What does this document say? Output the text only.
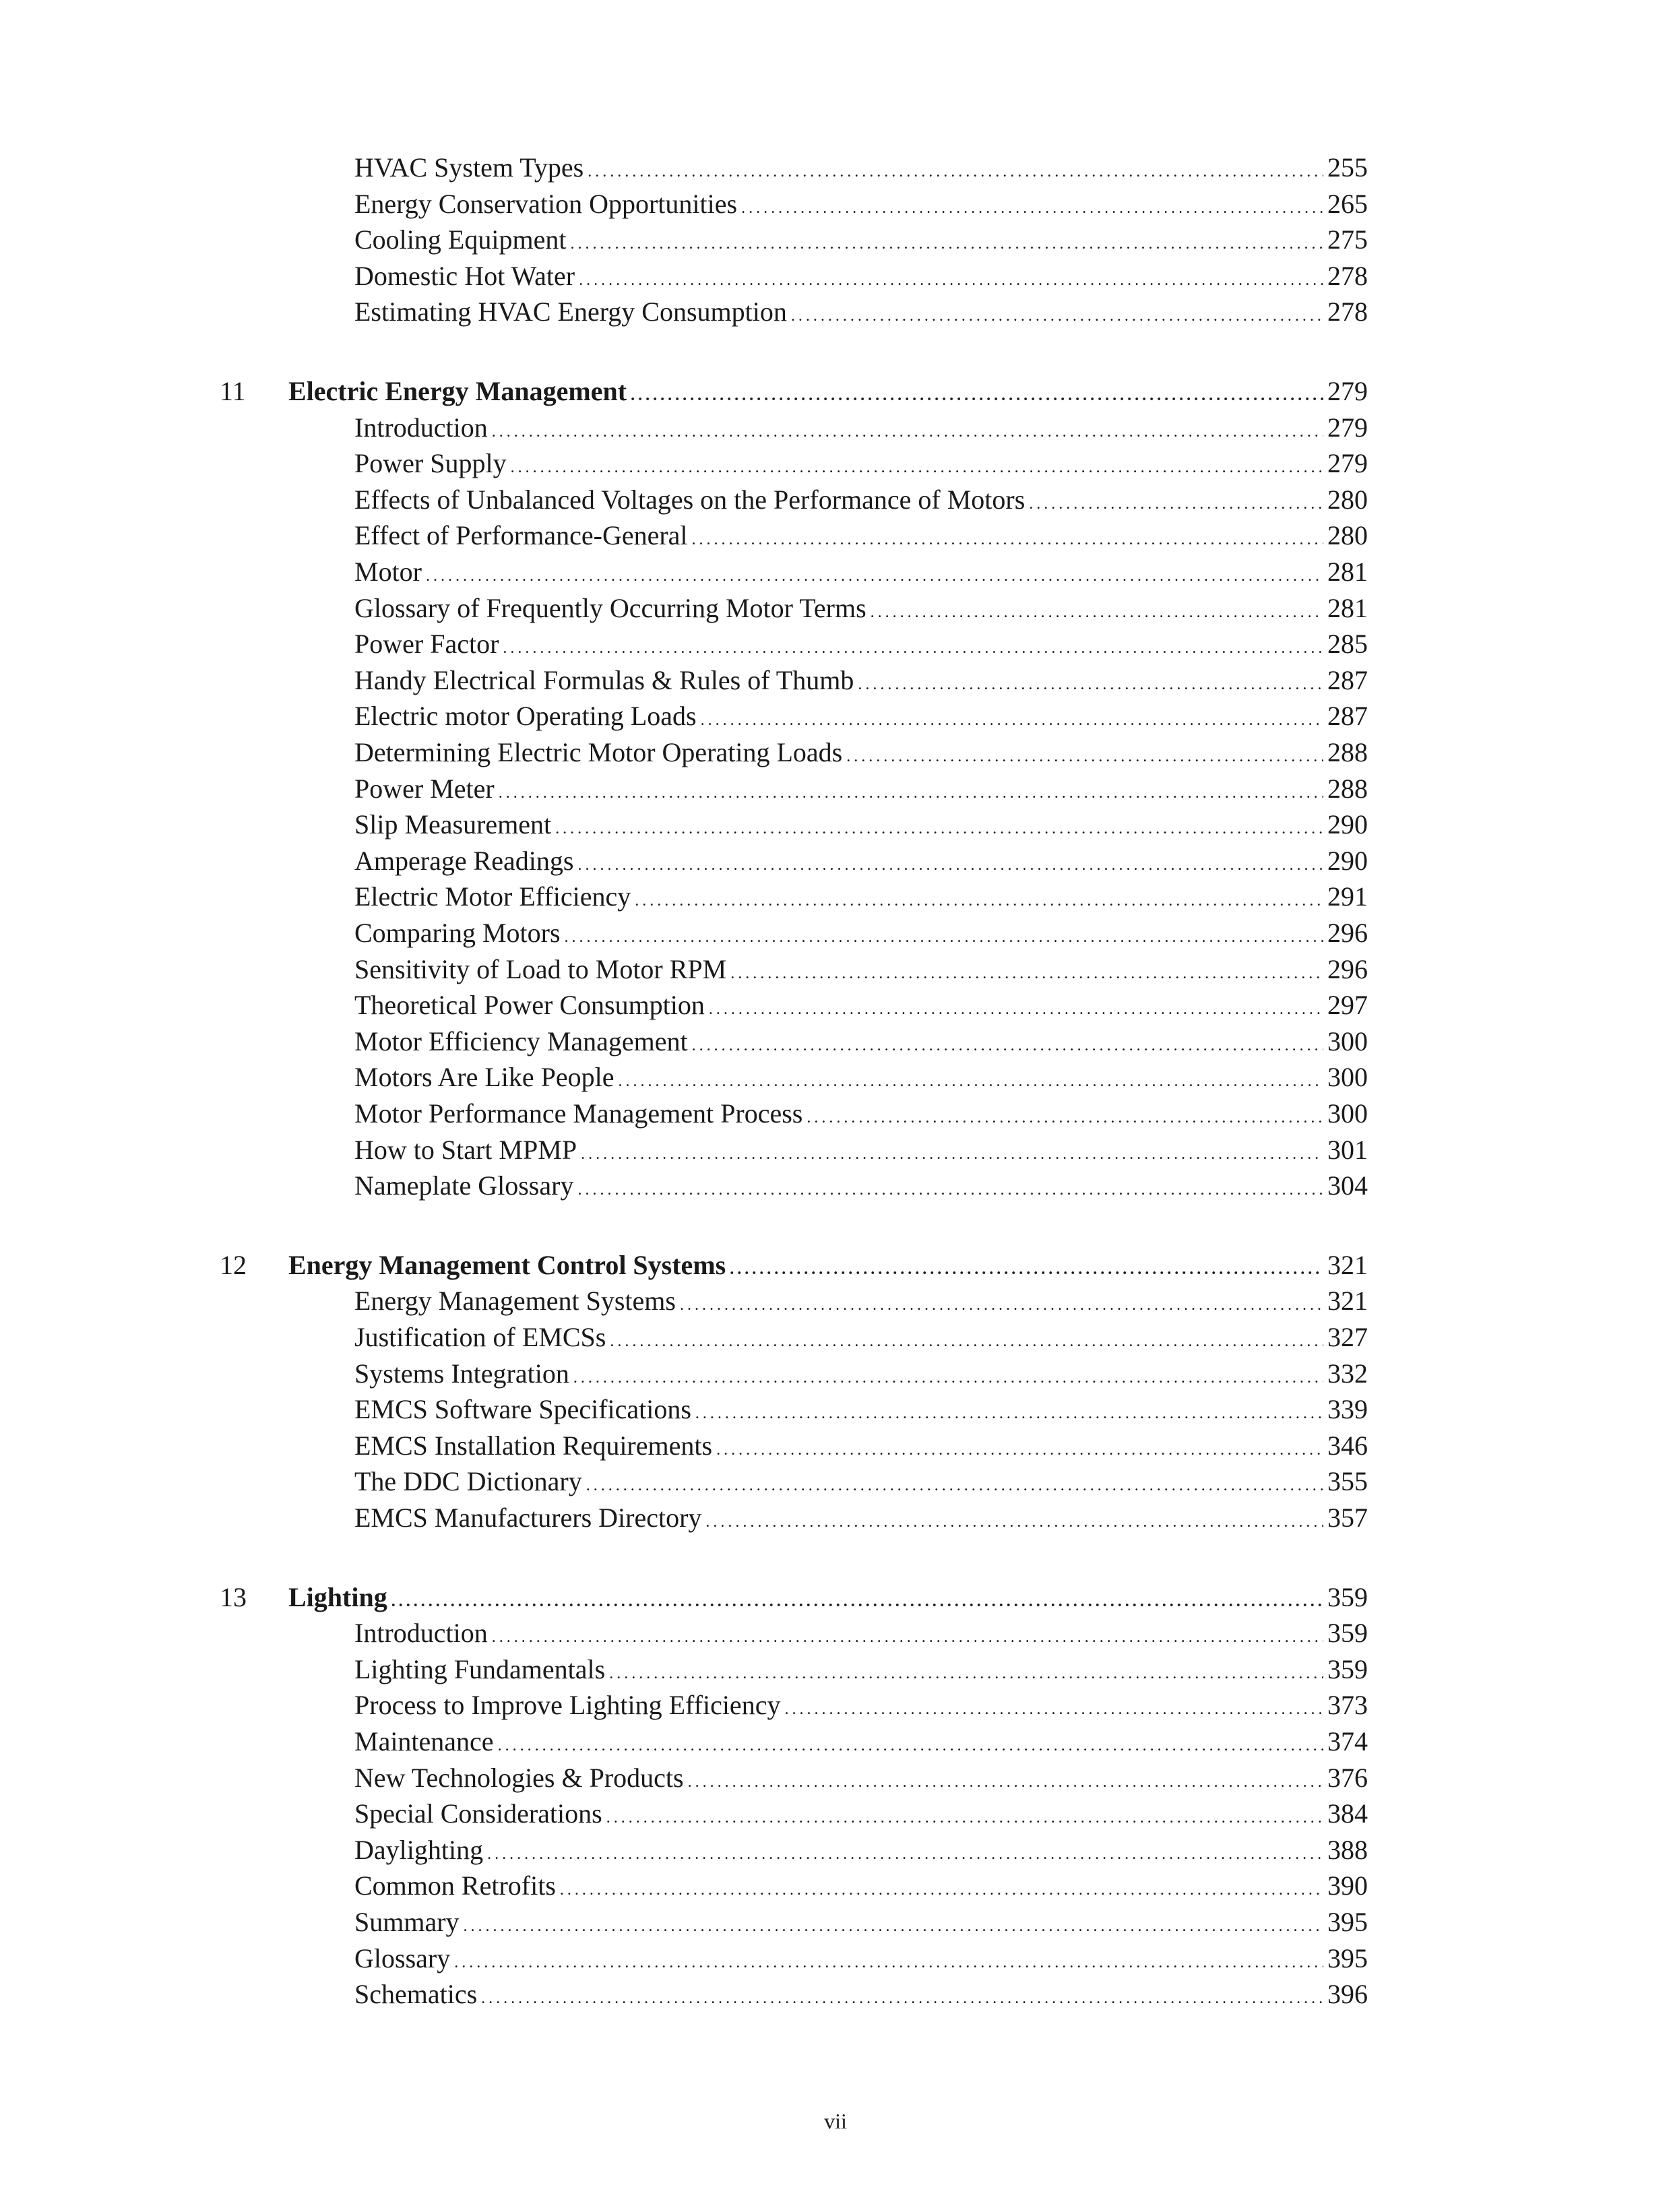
HVAC System Types .....	255
Energy Conservation Opportunities .....	265
Cooling Equipment .....	275
Domestic Hot Water .....	278
Estimating HVAC Energy Consumption .....	278
11 Electric Energy Management .....	279
Introduction .....	279
Power Supply .....	279
Effects of Unbalanced Voltages on the Performance of Motors .....	280
Effect of Performance-General .....	280
Motor .....	281
Glossary of Frequently Occurring Motor Terms .....	281
Power Factor .....	285
Handy Electrical Formulas & Rules of Thumb .....	287
Electric motor Operating Loads .....	287
Determining Electric Motor Operating Loads .....	288
Power Meter .....	288
Slip Measurement .....	290
Amperage Readings .....	290
Electric Motor Efficiency .....	291
Comparing Motors .....	296
Sensitivity of Load to Motor RPM .....	296
Theoretical Power Consumption .....	297
Motor Efficiency Management .....	300
Motors Are Like People .....	300
Motor Performance Management Process .....	300
How to Start MPMP .....	301
Nameplate Glossary .....	304
12 Energy Management Control Systems .....	321
Energy Management Systems .....	321
Justification of EMCSs .....	327
Systems Integration .....	332
EMCS Software Specifications .....	339
EMCS Installation Requirements .....	346
The DDC Dictionary .....	355
EMCS Manufacturers Directory .....	357
13 Lighting .....	359
Introduction .....	359
Lighting Fundamentals .....	359
Process to Improve Lighting Efficiency .....	373
Maintenance .....	374
New Technologies & Products .....	376
Special Considerations .....	384
Daylighting .....	388
Common Retrofits .....	390
Summary .....	395
Glossary .....	395
Schematics .....	396
vii
